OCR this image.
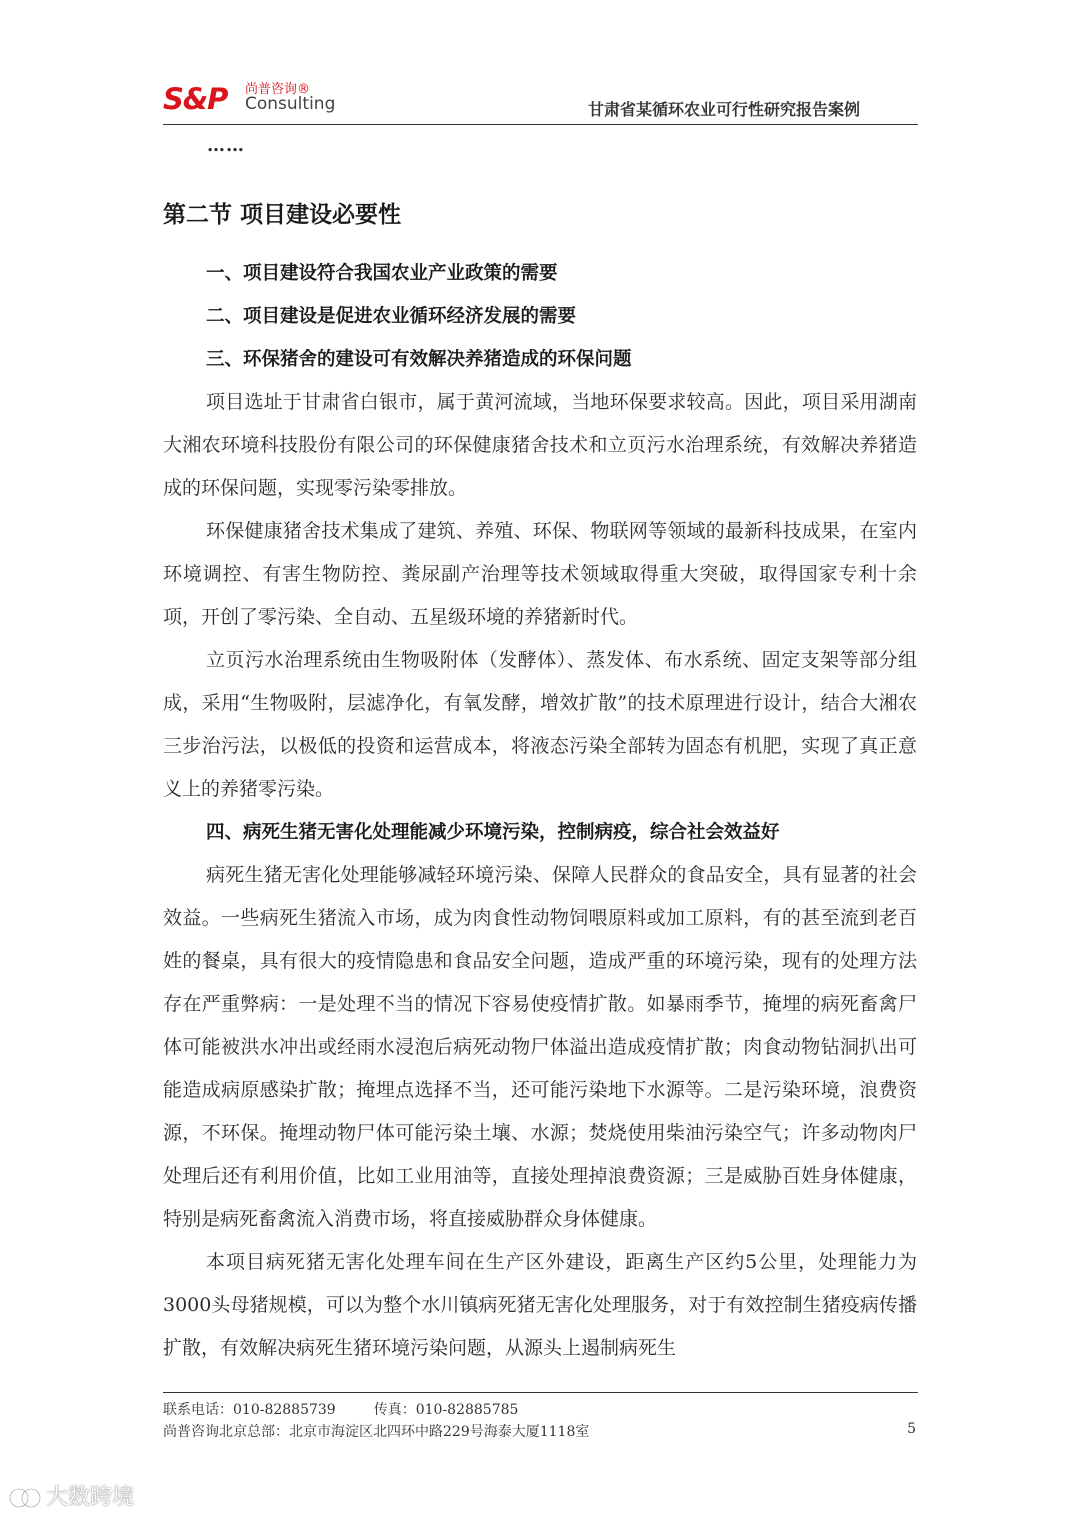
S&P 尚普咨询®
Consulting	甘肃省某循环农业可行性研究报告案例
……
第二节 项目建设必要性
一、项目建设符合我国农业产业政策的需要
二、项目建设是促进农业循环经济发展的需要
三、环保猪舍的建设可有效解决养猪造成的环保问题

项目选址于甘肃省白银市，属于黄河流域，当地环保要求较高。因此，项目采用湖南大湘农环境科技股份有限公司的环保健康猪舍技术和立页污水治理系统，有效解决养猪造成的环保问题，实现零污染零排放。

环保健康猪舍技术集成了建筑、养殖、环保、物联网等领域的最新科技成果，在室内环境调控、有害生物防控、粪尿副产治理等技术领域取得重大突破，取得国家专利十余项，开创了零污染、全自动、五星级环境的养猪新时代。

立页污水治理系统由生物吸附体（发酵体）、蒸发体、布水系统、固定支架等部分组成，采用“生物吸附，层滤净化，有氧发酵，增效扩散”的技术原理进行设计，结合大湘农三步治污法，以极低的投资和运营成本，将液态污染全部转为固态有机肥，实现了真正意义上的养猪零污染。

四、病死生猪无害化处理能减少环境污染，控制病疫，综合社会效益好

病死生猪无害化处理能够减轻环境污染、保障人民群众的食品安全，具有显著的社会效益。一些病死生猪流入市场，成为肉食性动物饲喂原料或加工原料，有的甚至流到老百姓的餐桌，具有很大的疫情隐患和食品安全问题，造成严重的环境污染，现有的处理方法存在严重弊病：一是处理不当的情况下容易使疫情扩散。如暴雨季节，掩埋的病死畜禽尸体可能被洪水冲出或经雨水浸泡后病死动物尸体溢出造成疫情扩散；肉食动物钻洞扒出可能造成病原感染扩散；掩埋点选择不当，还可能污染地下水源等。二是污染环境，浪费资源，不环保。掩埋动物尸体可能污染土壤、水源；焚烧使用柴油污染空气；许多动物肉尸处理后还有利用价值，比如工业用油等，直接处理掉浪费资源；三是威胁百姓身体健康，特别是病死畜禽流入消费市场，将直接威胁群众身体健康。

本项目病死猪无害化处理车间在生产区外建设，距离生产区约5公里，处理能力为3000头母猪规模，可以为整个水川镇病死猪无害化处理服务，对于有效控制生猪疫病传播扩散，有效解决病死生猪环境污染问题，从源头上遏制病死生

联系电话：010-82885739	传真：010-82885785
尚普咨询北京总部：北京市海淀区北四环中路229号海泰大厦1118室	5
大数跨境
